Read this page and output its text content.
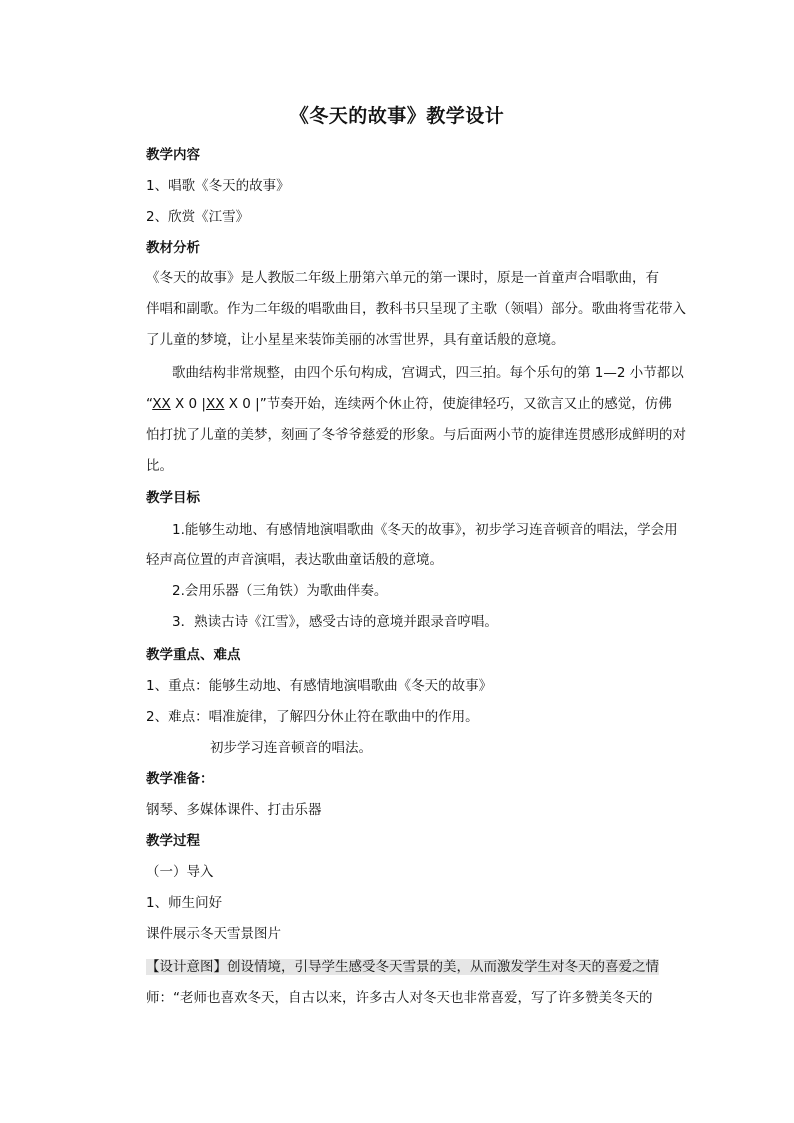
《冬天的故事》教学设计
教学内容
1、唱歌《冬天的故事》
2、欣赏《江雪》
教材分析
《冬天的故事》是人教版二年级上册第六单元的第一课时，原是一首童声合唱歌曲，有
伴唱和副歌。作为二年级的唱歌曲目，教科书只呈现了主歌（领唱）部分。歌曲将雪花带入
了儿童的梦境，让小星星来装饰美丽的冰雪世界，具有童话般的意境。
歌曲结构非常规整，由四个乐句构成，宫调式，四三拍。每个乐句的第 1—2 小节都以
“XX X 0 |XX X 0 |”节奏开始，连续两个休止符，使旋律轻巧，又欲言又止的感觉，仿佛
怕打扰了儿童的美梦，刻画了冬爷爷慈爱的形象。与后面两小节的旋律连贯感形成鲜明的对
比。
教学目标
1.能够生动地、有感情地演唱歌曲《冬天的故事》，初步学习连音顿音的唱法，学会用
轻声高位置的声音演唱，表达歌曲童话般的意境。
2.会用乐器（三角铁）为歌曲伴奏。
3．熟读古诗《江雪》，感受古诗的意境并跟录音哼唱。
教学重点、难点
1、重点：能够生动地、有感情地演唱歌曲《冬天的故事》
2、难点：唱准旋律，了解四分休止符在歌曲中的作用。
初步学习连音顿音的唱法。
教学准备：
钢琴、多媒体课件、打击乐器
教学过程
（一）导入
1、师生问好
课件展示冬天雪景图片
【设计意图】创设情境，引导学生感受冬天雪景的美，从而激发学生对冬天的喜爱之情
师：“老师也喜欢冬天，自古以来，许多古人对冬天也非常喜爱，写了许多赞美冬天的
